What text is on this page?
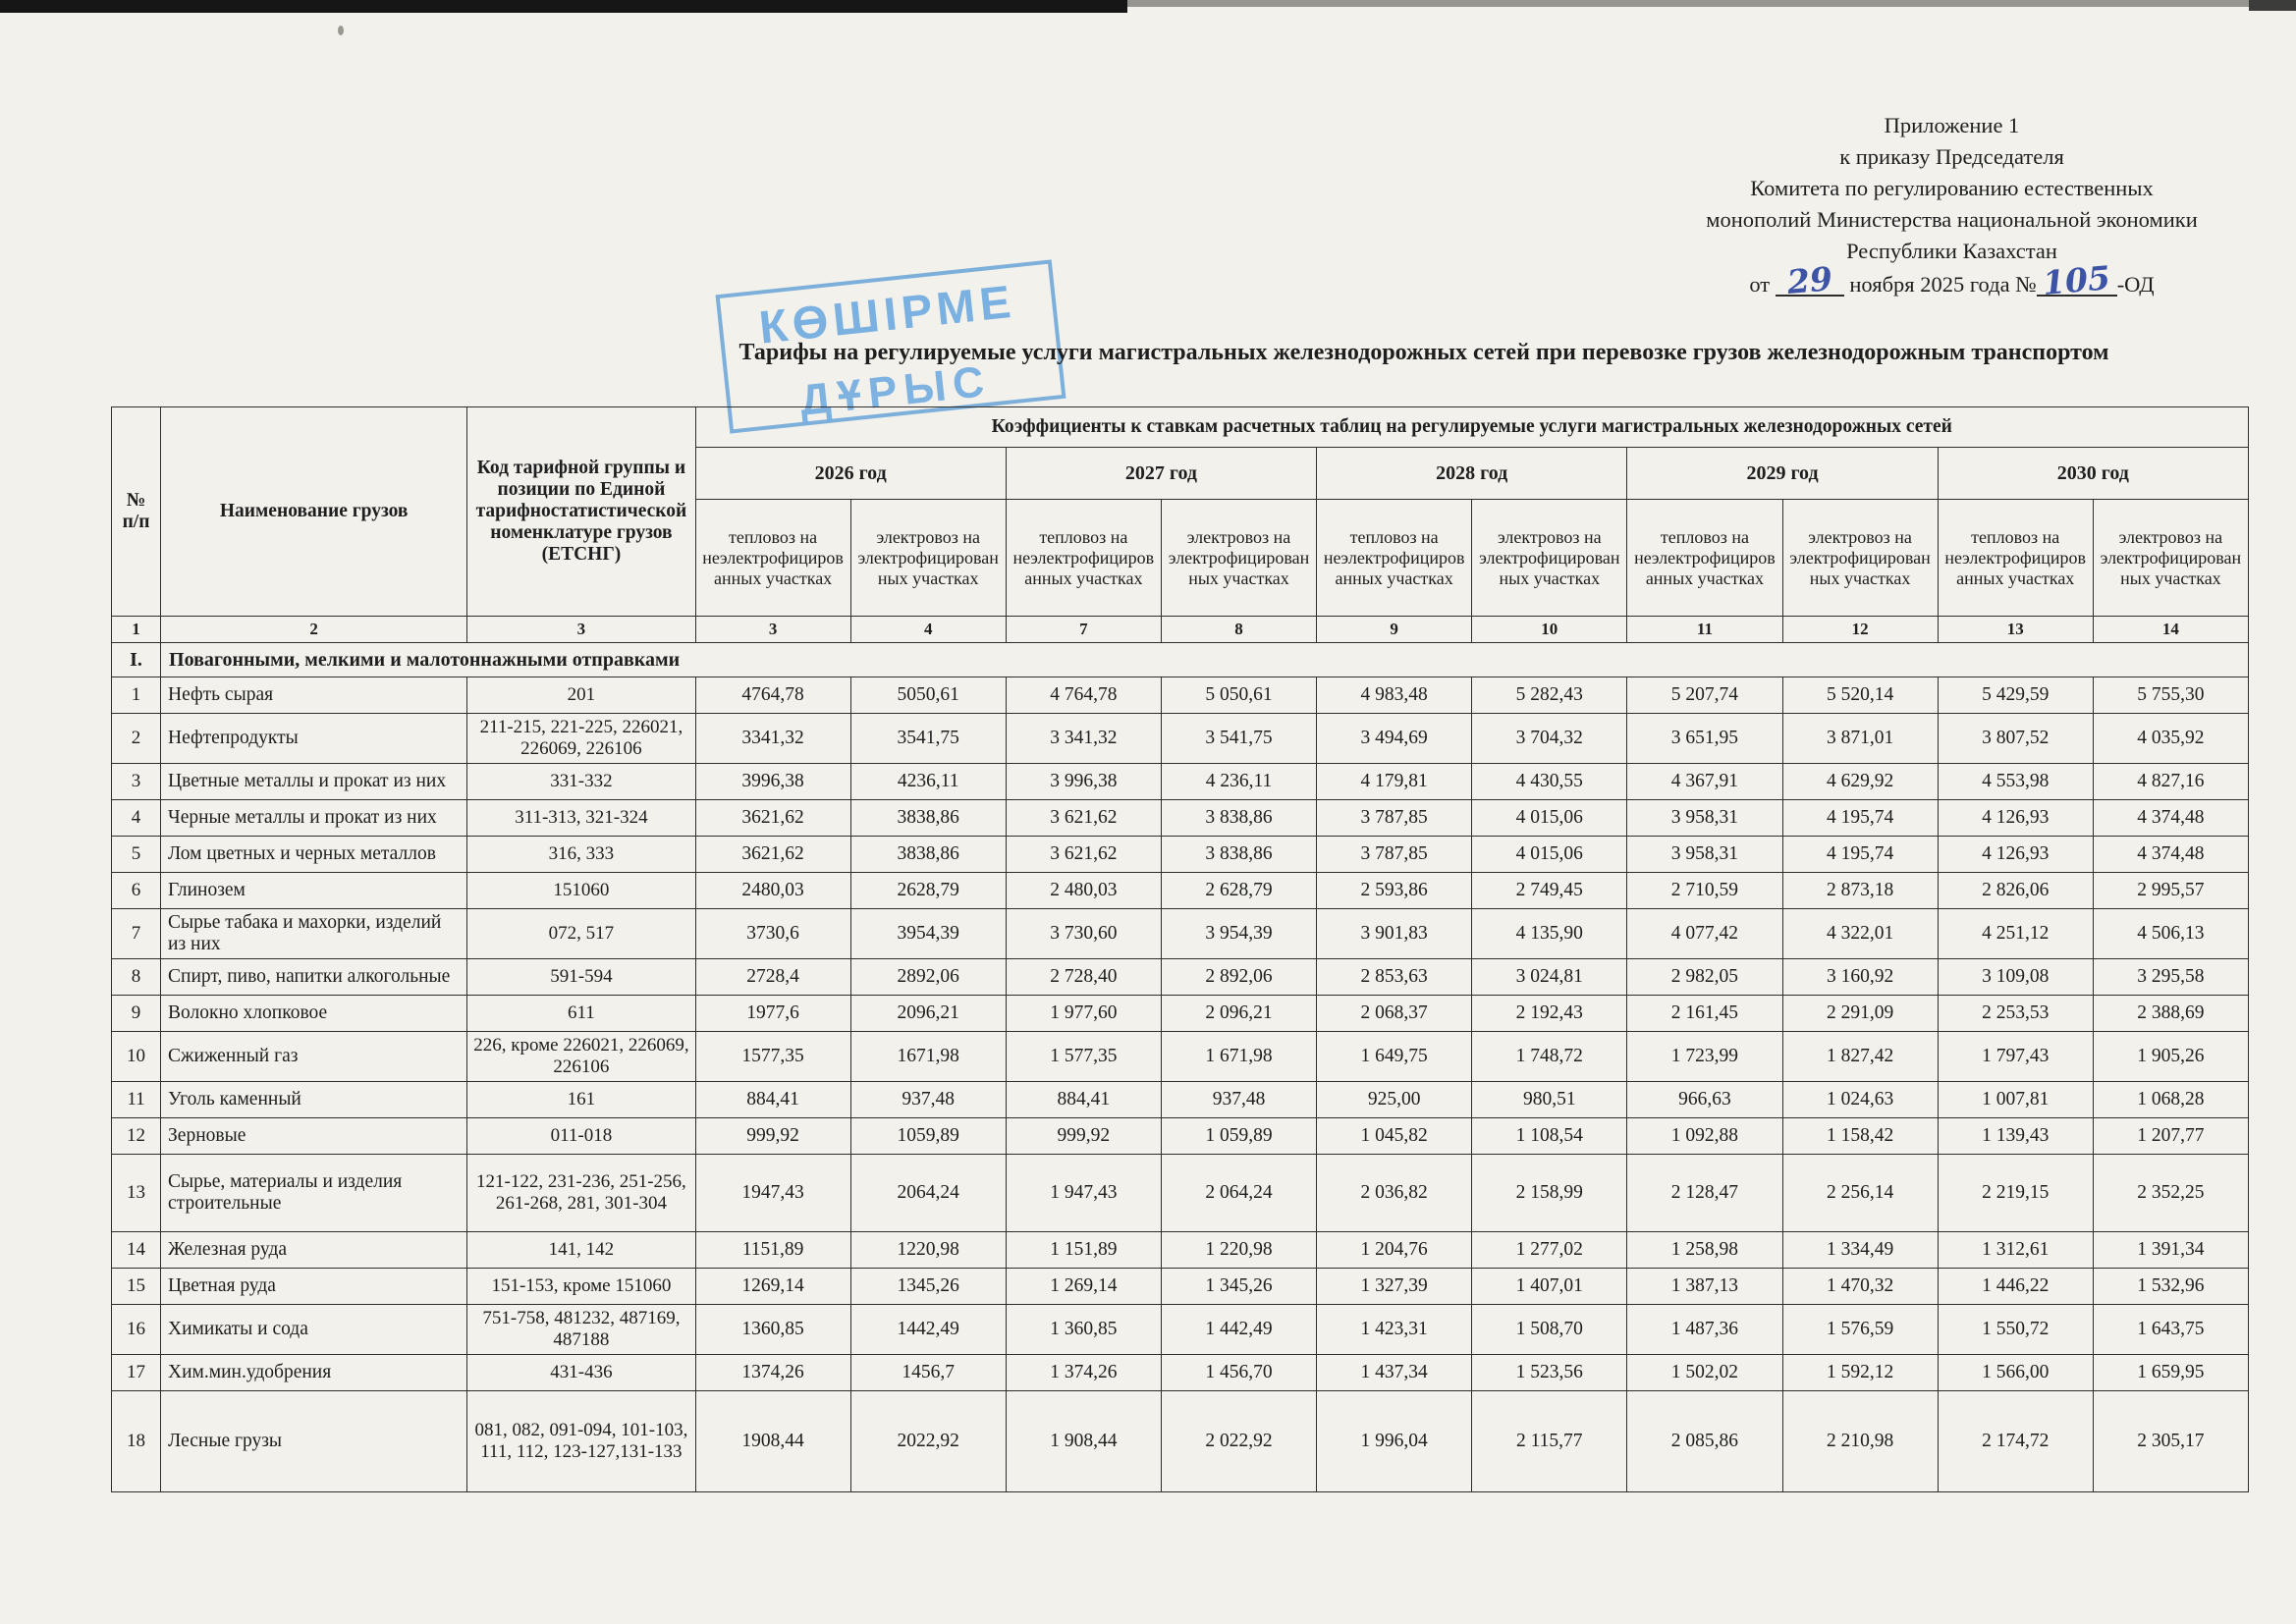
Приложение 1
к приказу Председателя
Комитета по регулированию естественных
монополий Министерства национальной экономики
Республики Казахстан
от 29 ноября 2025 года № 105 -ОД
КӨШІРМЕ
ДҰРЫС
Тарифы на регулируемые услуги магистральных железнодорожных сетей при перевозке грузов железнодорожным транспортом
№ п/п	Наименование грузов	Код тарифной группы и позиции по Единой тарифностатистической номенклатуре грузов (ЕТСНГ)	Коэффициенты к ставкам расчетных таблиц на регулируемые услуги магистральных железнодорожных сетей									
			2026 год		2027 год		2028 год		2029 год		2030 год	
			тепловоз на неэлектрофицированных участках	электровоз на электрофицированных участках	тепловоз на неэлектрофицированных участках	электровоз на электрофицированных участках	тепловоз на неэлектрофицированных участках	электровоз на электрофицированных участках	тепловоз на неэлектрофицированных участках	электровоз на электрофицированных участках	тепловоз на неэлектрофицированных участках	электровоз на электрофицированных участках
1	2	3	3	4	7	8	9	10	11	12	13	14
I.	Повагонными, мелкими и малотоннажными отправками											
1	Нефть сырая	201	4764,78	5050,61	4 764,78	5 050,61	4 983,48	5 282,43	5 207,74	5 520,14	5 429,59	5 755,30
2	Нефтепродукты	211-215, 221-225, 226021, 226069, 226106	3341,32	3541,75	3 341,32	3 541,75	3 494,69	3 704,32	3 651,95	3 871,01	3 807,52	4 035,92
3	Цветные металлы и прокат из них	331-332	3996,38	4236,11	3 996,38	4 236,11	4 179,81	4 430,55	4 367,91	4 629,92	4 553,98	4 827,16
4	Черные металлы и прокат из них	311-313, 321-324	3621,62	3838,86	3 621,62	3 838,86	3 787,85	4 015,06	3 958,31	4 195,74	4 126,93	4 374,48
5	Лом цветных и черных металлов	316, 333	3621,62	3838,86	3 621,62	3 838,86	3 787,85	4 015,06	3 958,31	4 195,74	4 126,93	4 374,48
6	Глинозем	151060	2480,03	2628,79	2 480,03	2 628,79	2 593,86	2 749,45	2 710,59	2 873,18	2 826,06	2 995,57
7	Сырье табака и махорки, изделий из них	072, 517	3730,6	3954,39	3 730,60	3 954,39	3 901,83	4 135,90	4 077,42	4 322,01	4 251,12	4 506,13
8	Спирт, пиво, напитки алкогольные	591-594	2728,4	2892,06	2 728,40	2 892,06	2 853,63	3 024,81	2 982,05	3 160,92	3 109,08	3 295,58
9	Волокно хлопковое	611	1977,6	2096,21	1 977,60	2 096,21	2 068,37	2 192,43	2 161,45	2 291,09	2 253,53	2 388,69
10	Сжиженный газ	226, кроме 226021, 226069, 226106	1577,35	1671,98	1 577,35	1 671,98	1 649,75	1 748,72	1 723,99	1 827,42	1 797,43	1 905,26
11	Уголь каменный	161	884,41	937,48	884,41	937,48	925,00	980,51	966,63	1 024,63	1 007,81	1 068,28
12	Зерновые	011-018	999,92	1059,89	999,92	1 059,89	1 045,82	1 108,54	1 092,88	1 158,42	1 139,43	1 207,77
13	Сырье, материалы и изделия строительные	121-122, 231-236, 251-256, 261-268, 281, 301-304	1947,43	2064,24	1 947,43	2 064,24	2 036,82	2 158,99	2 128,47	2 256,14	2 219,15	2 352,25
14	Железная руда	141, 142	1151,89	1220,98	1 151,89	1 220,98	1 204,76	1 277,02	1 258,98	1 334,49	1 312,61	1 391,34
15	Цветная руда	151-153, кроме 151060	1269,14	1345,26	1 269,14	1 345,26	1 327,39	1 407,01	1 387,13	1 470,32	1 446,22	1 532,96
16	Химикаты и сода	751-758, 481232, 487169, 487188	1360,85	1442,49	1 360,85	1 442,49	1 423,31	1 508,70	1 487,36	1 576,59	1 550,72	1 643,75
17	Хим.мин.удобрения	431-436	1374,26	1456,7	1 374,26	1 456,70	1 437,34	1 523,56	1 502,02	1 592,12	1 566,00	1 659,95
18	Лесные грузы	081, 082, 091-094, 101-103, 111, 112, 123-127,131-133	1908,44	2022,92	1 908,44	2 022,92	1 996,04	2 115,77	2 085,86	2 210,98	2 174,72	2 305,17
